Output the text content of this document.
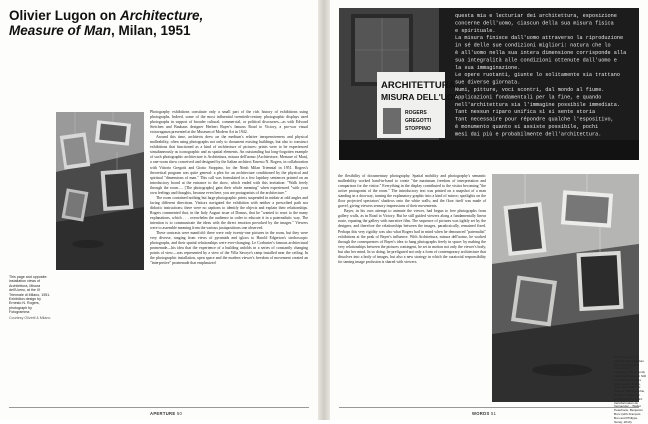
Olivier Lugon on Architecture, Measure of Man, Milan, 1951
This page and opposite: installation views of Architettura, Misura dell'Uomo, at the IX Triennale di Milano, 1951. Exhibition design by Ernesto N. Rogers, photograph by Fotogramma
Courtesy Olivetti & Milano

Photography exhibitions constitute only a small part of the rich history of exhibitions using photographs. Indeed, some of the most influential twentieth-century photographic displays used photographs in support of broader cultural, commercial, or political discourses—as with Edward Steichen and Bauhaus designer Herbert Bayer's famous Road to Victory, a pro-war visual extravaganza presented at the Museum of Modern Art in 1942.

Around this time, architects drew on the medium's relative inexpensiveness and physical malleability, often using photographs not only to document existing buildings, but also to construct exhibitions that functioned as a kind of architecture of pictures: prints were to be experienced simultaneously as iconographic and as spatial elements. An outstanding but long-forgotten example of such photographic architecture is Architettura, misura dell'uomo (Architecture, Measure of Man), a one-room show conceived and designed by the Italian architect Ernesto N. Rogers, in collaboration with Vittorio Gregotti and Giotto Stoppino, for the Ninth Milan Triennial in 1951. Rogers's theoretical program was quite general: a plea for an architecture conditioned by the physical and spiritual "dimensions of man." This call was formulated in a few lapidary sentences printed on an introductory board at the entrance to the show, which ended with this invitation: "Walk freely through the room..... [The photographs] gain their whole meaning" when experienced "with your own feelings and thoughts, because even here, you are protagonists of the architecture."

The room contained nothing but large photographic prints suspended in midair at odd angles and facing different directions. Visitors navigated the exhibition with neither a prescribed path nor didactic instructions; there were no captions to identify the objects and explain their relationships. Rogers commented that, in the Italy August issue of Domus, that he "wanted to react to the many explanations, which . . . overwhelm the audience in order to educate it in a paternalistic way. The intention is to communicate the ideas with the direct emotion provoked by the images." Viewers were to assemble meaning from the various juxtapositions one observed.

These contrasts were manifold: there were only twenty-one pictures in the room, but they were very diverse, ranging from views of pyramids and igloos to Harold Edgerton's stroboscopic photographs, and their spatial relationships were ever-changing. Le Corbusier's famous architectural promenade—his idea that the experience of a building unfolds in a series of constantly changing points of view—was represented by a view of the Villa Savoye's ramp installed near the ceiling. In the photographic installation, open space and the modern viewer's freedom of movement created an "interpretive" promenade that emphasized

APERTURE 50
ARCHITETTURA,
MISURA DELL'UOMO
ROGERS
GREGOTTI
STOPPINO
questa mia e lecturiar dei architettura, esposizione
concerne dell'uomo, ciascun della sua misura fisica
e spirituale.
La misura finisce dall'uomo attraverso la riproduzione
in sé delle sue condizioni migliori: natura che lo
è all'uomo nella sua intera dimensione corrisponde alla
sua integralità alle condizioni ottenute dall'uomo e
la sua immaginazione.
Le opere ruotanti, giunte lo solitamente sia trattano
sue diverse giornata.
Numi, pitture, voci scontri, dal mondo al fiume.
Applicazioni fondamentali per la fine, e quando
nell'architettura sia l'immagine possibile immediata.
Tant nessun riparo unifica sì si sente storia
Tant necessaire pour répondre qualche l'espositivo,
è monumento quanto si assiste possibile, pochi
mesi dai più e probabilmente dell'architettura.

the flexibility of documentary photography. Spatial mobility and photography's semantic malleability worked hand-in-hand to create "the maximum freedom of interpretation and comparison for the visitor." Everything in the display contributed to the visitor becoming "the active protagonist of the room." The introductory text was printed on a snapshot of a man standing in a doorway, turning the explanatory graphic into a kind of mirror; spotlights on the floor projected spectators' shadows onto the white walls; and the floor itself was made of gravel, giving viewers sensory impressions of their movements.

Bayer, in his own attempt to animate the viewer, had begun to free photographs from gallery walls, as in Road to Victory. But he still guided viewers along a fundamentally linear route, equating the gallery with narrative film. The sequence of pictures was tightly set by the designer, and therefore the relationships between the images, paradoxically, remained fixed. Perhaps this very rigidity was also what Rogers had in mind when he denounced "paternalist" exhibitions at the peak of Bayer's influence. With Architettura, misura dell'uomo, he worked through the consequences of Bayer's idea to hang photographs freely in space: by making the very relationships between the pictures contingent, he set in motion not only the viewer's body, but also her mind. In so doing, he prefigured not only a form of contemporary architecture that dissolves into a body of images, but also a new strategy in which the curatorial responsibility for taming image profusion is shared with viewers.

WORDS 51
Olivier Lugon is a photography historian and a professor at University of Lausanne. He recently published Between Still and Moving Images with Laurent Guido, 2012; Exposition et médias: Photographie, Cinéma, Télévision (2012); and Le Point: transformation du Vernacular – Walter Peterhans, Benjamin Burv (with François Bon and Philippe Sénéj, 2013).
